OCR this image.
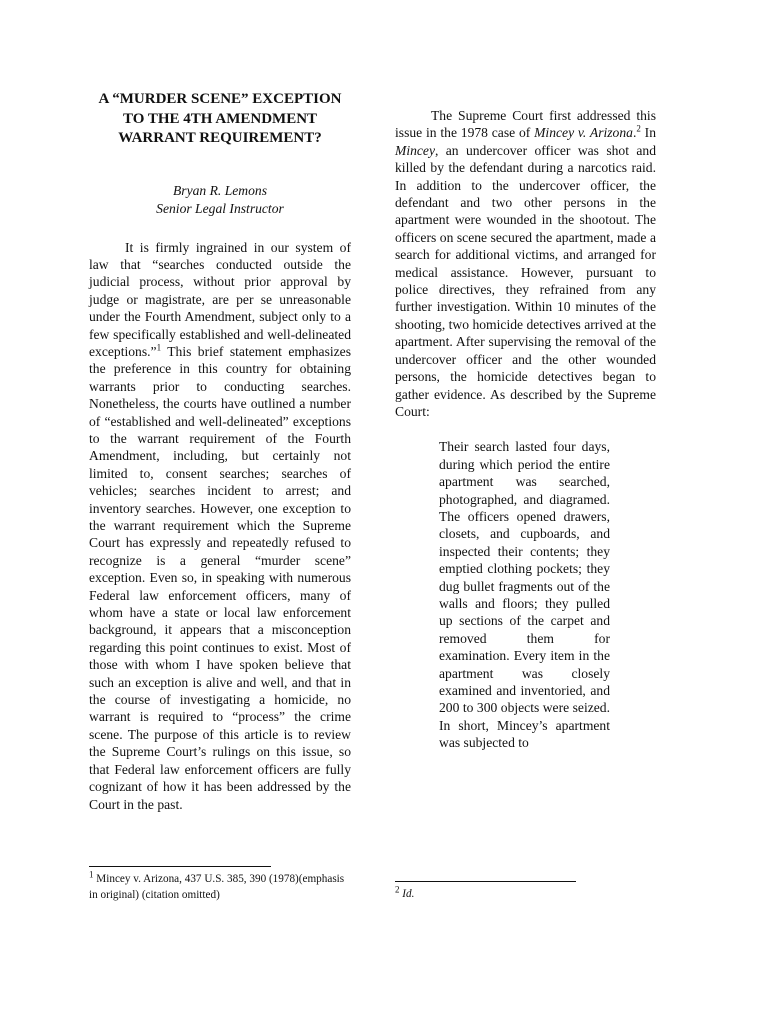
A “MURDER SCENE” EXCEPTION TO THE 4TH AMENDMENT WARRANT REQUIREMENT?
Bryan R. Lemons
Senior Legal Instructor

It is firmly ingrained in our system of law that “searches conducted outside the judicial process, without prior approval by judge or magistrate, are per se unreasonable under the Fourth Amendment, subject only to a few specifically established and well-delineated exceptions.”$^1$ This brief statement emphasizes the preference in this country for obtaining warrants prior to conducting searches. Nonetheless, the courts have outlined a number of “established and well-delineated” exceptions to the warrant requirement of the Fourth Amendment, including, but certainly not limited to, consent searches; searches of vehicles; searches incident to arrest; and inventory searches. However, one exception to the warrant requirement which the Supreme Court has expressly and repeatedly refused to recognize is a general “murder scene” exception. Even so, in speaking with numerous Federal law enforcement officers, many of whom have a state or local law enforcement background, it appears that a misconception regarding this point continues to exist. Most of those with whom I have spoken believe that such an exception is alive and well, and that in the course of investigating a homicide, no warrant is required to “process” the crime scene. The purpose of this article is to review the Supreme Court’s rulings on this issue, so that Federal law enforcement officers are fully cognizant of how it has been addressed by the Court in the past.

The Supreme Court first addressed this issue in the 1978 case of Mincey v. Arizona.$^2$ In Mincey, an undercover officer was shot and killed by the defendant during a narcotics raid. In addition to the undercover officer, the defendant and two other persons in the apartment were wounded in the shootout. The officers on scene secured the apartment, made a search for additional victims, and arranged for medical assistance. However, pursuant to police directives, they refrained from any further investigation. Within 10 minutes of the shooting, two homicide detectives arrived at the apartment. After supervising the removal of the undercover officer and the other wounded persons, the homicide detectives began to gather evidence. As described by the Supreme Court:

Their search lasted four days, during which period the entire apartment was searched, photographed, and diagramed. The officers opened drawers, closets, and cupboards, and inspected their contents; they emptied clothing pockets; they dug bullet fragments out of the walls and floors; they pulled up sections of the carpet and removed them for examination. Every item in the apartment was closely examined and inventoried, and 200 to 300 objects were seized. In short, Mincey’s apartment was subjected to

$^1$ Mincey v. Arizona, 437 U.S. 385, 390 (1978)(emphasis in original) (citation omitted)	$^2$ Id.
